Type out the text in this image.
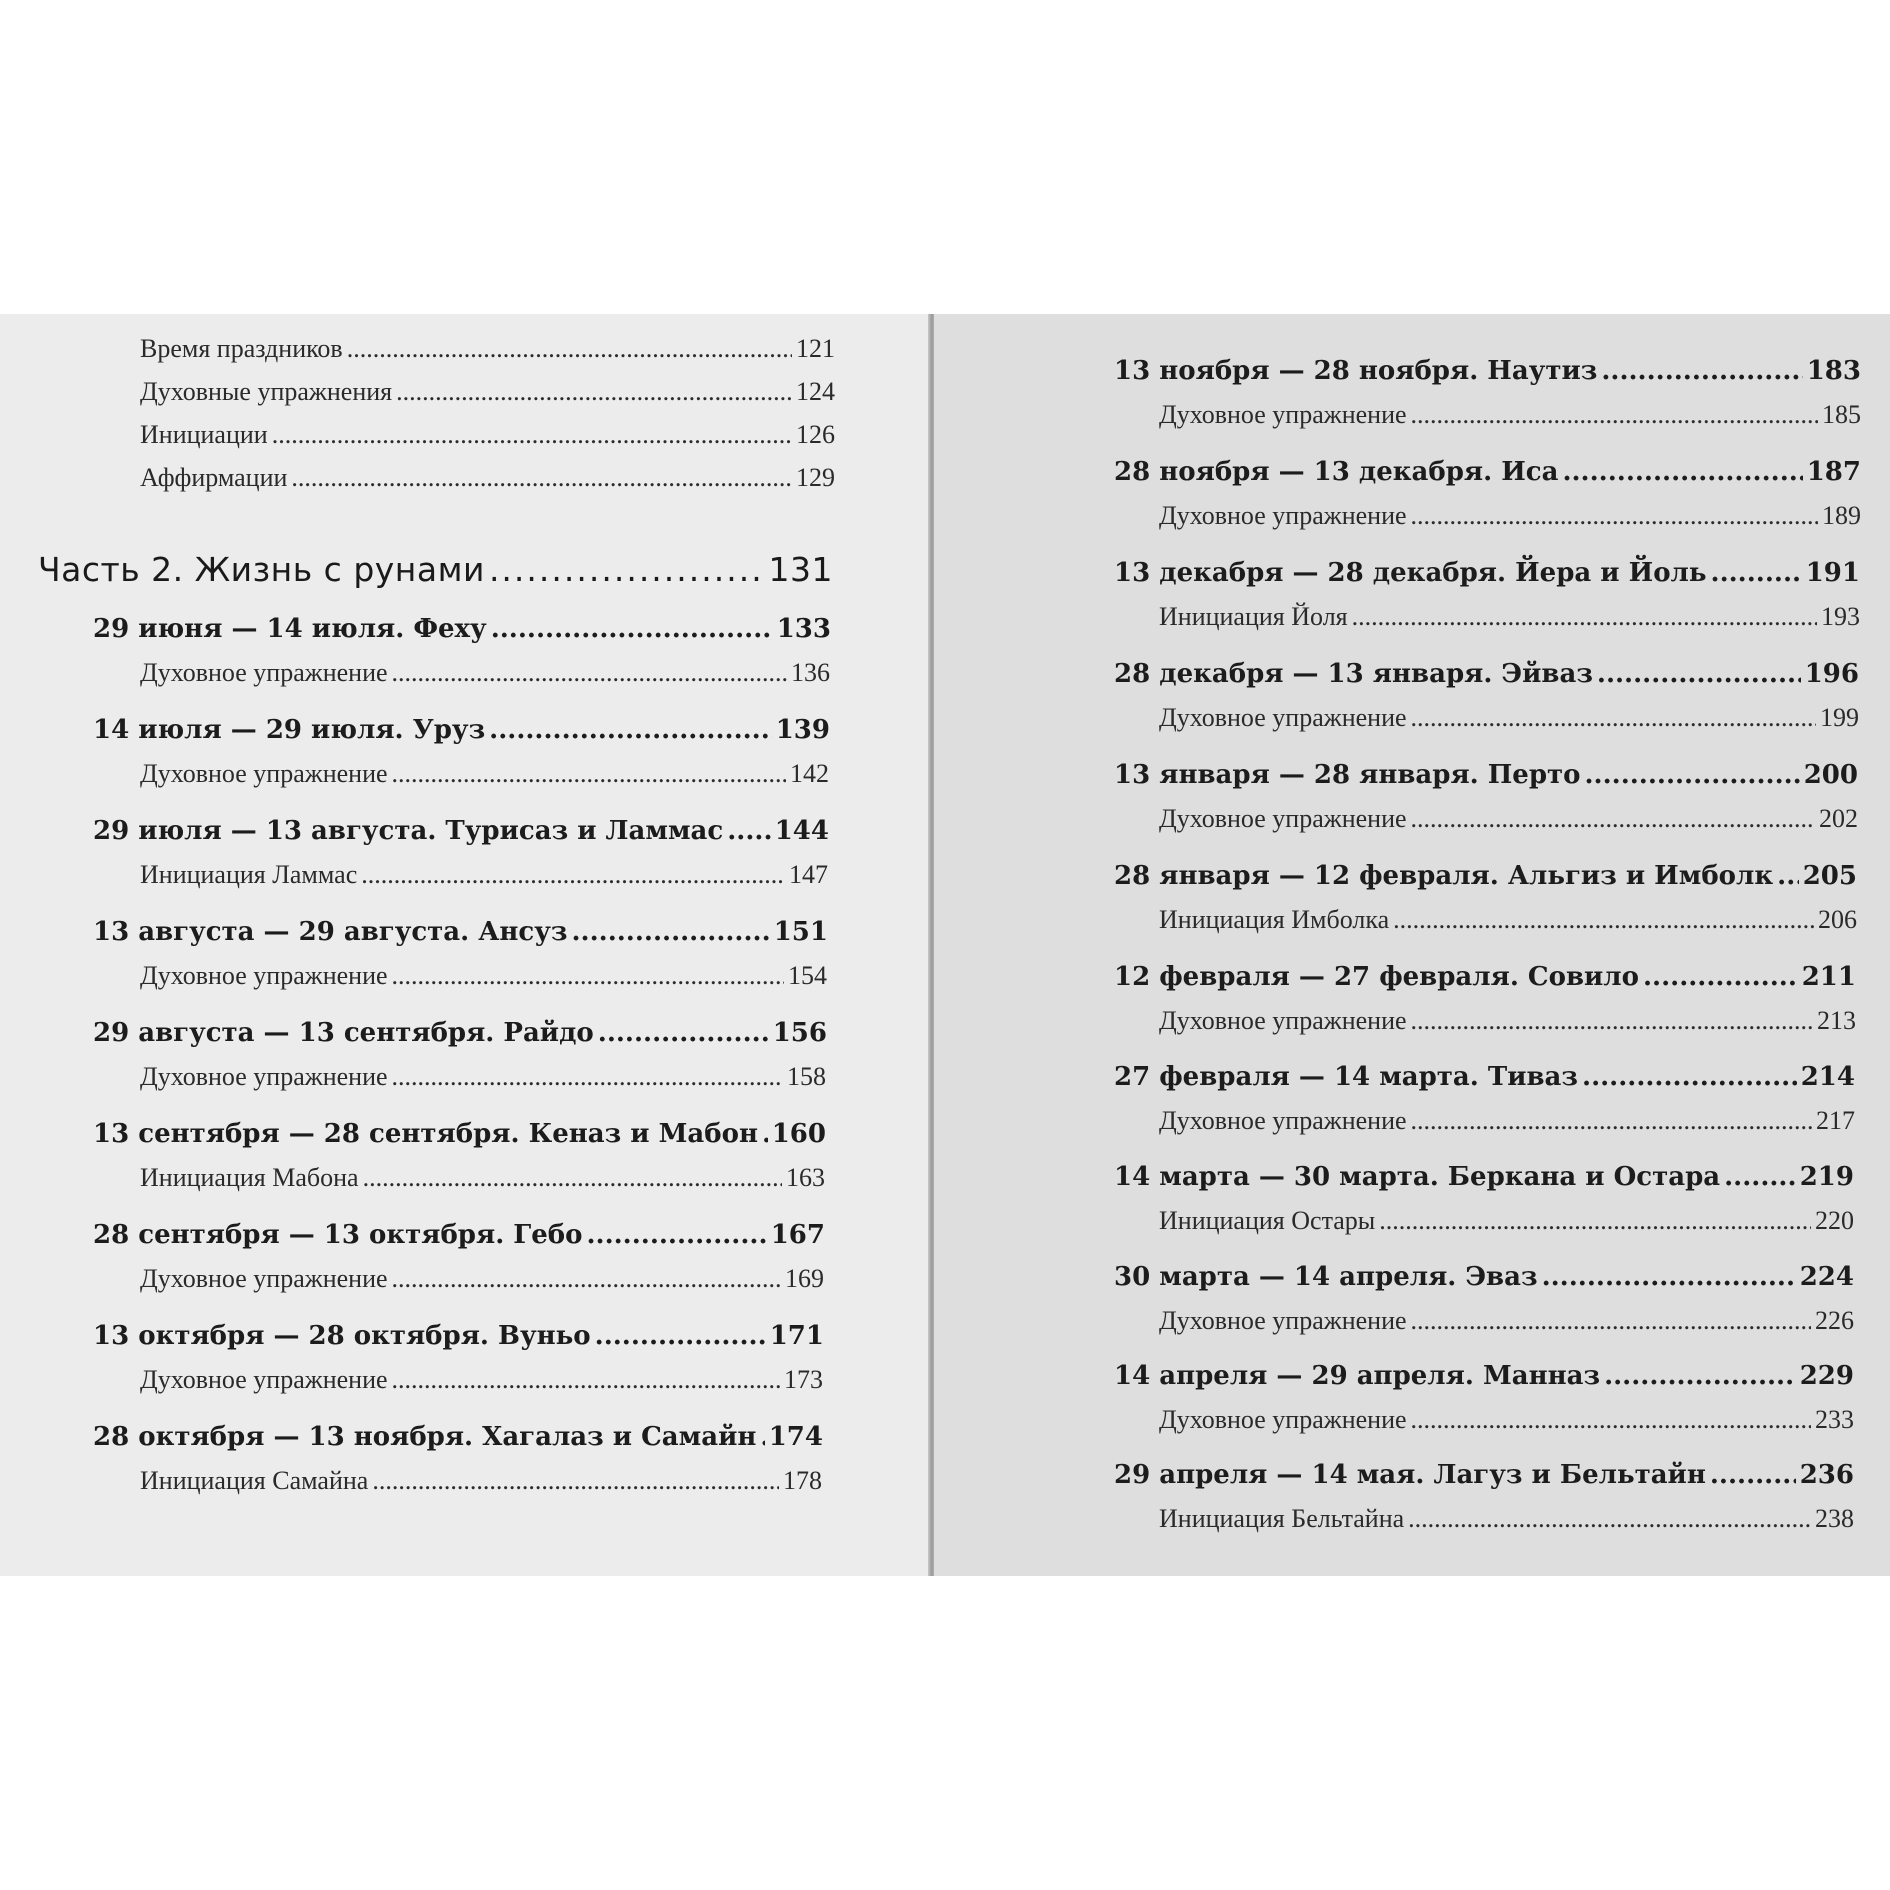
Время праздников .....	121
Духовные упражнения .....	124
Инициации .....	126
Аффирмации .....	129
Часть 2. Жизнь с рунами .....	131
29 июня — 14 июля. Феху .....	133
Духовное упражнение .....	136
14 июля — 29 июля. Уруз .....	139
Духовное упражнение .....	142
29 июля — 13 августа. Турисаз и Ламмас ..... 144
Инициация Ламмас .....	147
13 августа — 29 августа. Ансуз .....	151
Духовное упражнение .....	154
29 августа — 13 сентября. Райдо .....	156
Духовное упражнение .....	158
13 сентября — 28 сентября. Кеназ и Мабон ..... 160
Инициация Мабона .....	163
28 сентября — 13 октября. Гебо .....	167
Духовное упражнение .....	169
13 октября — 28 октября. Вуньо .....	171
Духовное упражнение .....	173
28 октября — 13 ноября. Хагалаз и Самайн ..... 174
Инициация Самайна .....	178
13 ноября — 28 ноября. Наутиз .....	183
Духовное упражнение .....	185
28 ноября — 13 декабря. Иса .....	187
Духовное упражнение .....	189
13 декабря — 28 декабря. Йера и Йоль .....	191
Инициация Йоля .....	193
28 декабря — 13 января. Эйваз .....	196
Духовное упражнение .....	199
13 января — 28 января. Перто .....	200
Духовное упражнение .....	202
28 января — 12 февраля. Альгиз и Имболк ..... 205
Инициация Имболка .....	206
12 февраля — 27 февраля. Совило .....	211
Духовное упражнение .....	213
27 февраля — 14 марта. Тиваз .....	214
Духовное упражнение .....	217
14 марта — 30 марта. Беркана и Остара .....	219
Инициация Остары .....	220
30 марта — 14 апреля. Эваз .....	224
Духовное упражнение .....	226
14 апреля — 29 апреля. Манназ .....	229
Духовное упражнение .....	233
29 апреля — 14 мая. Лагуз и Бельтайн .....	236
Инициация Бельтайна .....	238
